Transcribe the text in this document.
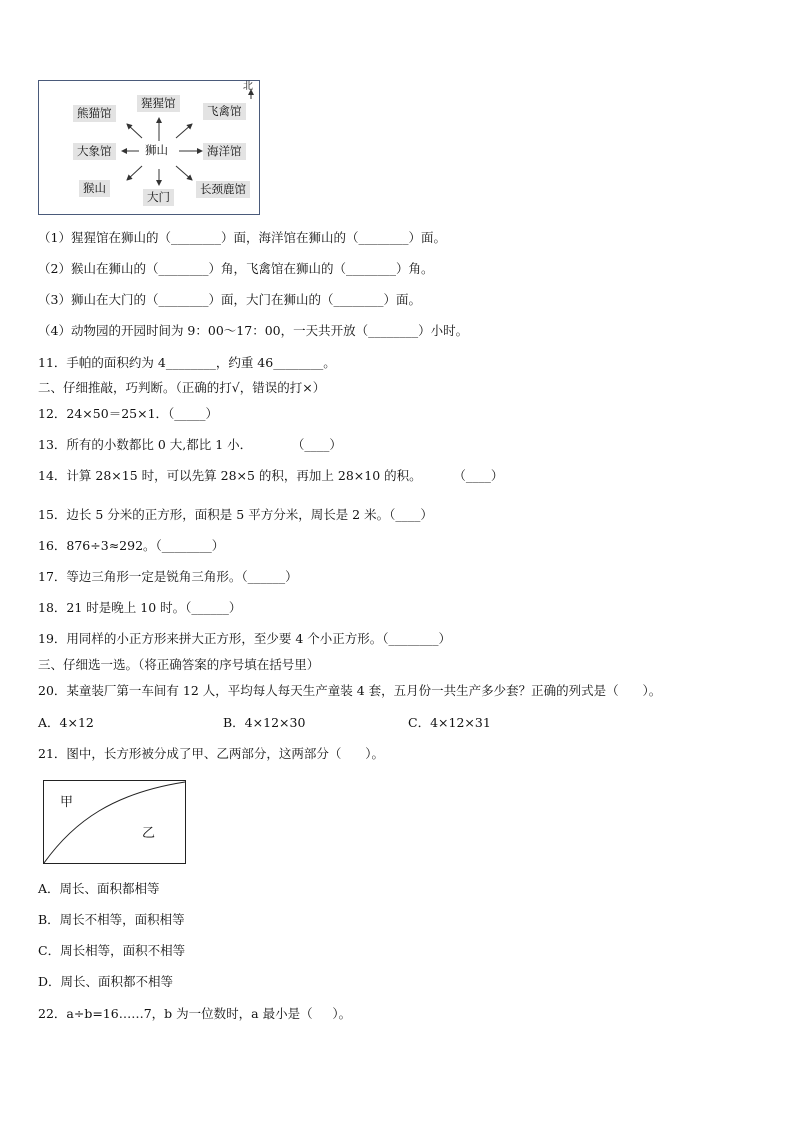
北
熊猫馆
猩猩馆
飞禽馆
大象馆	狮山	海洋馆
猴山
大门
长颈鹿馆
（1）猩猩馆在狮山的（________）面，海洋馆在狮山的（________）面。
（2）猴山在狮山的（________）角，飞禽馆在狮山的（________）角。
（3）狮山在大门的（________）面，大门在狮山的（________）面。
（4）动物园的开园时间为 9：00～17：00，一天共开放（________）小时。
11．手帕的面积约为 4________，约重 46________。
二、仔细推敲，巧判断。（正确的打√，错误的打×）
12．24×50＝25×1．（_____）
13．所有的小数都比 0 大,都比 1 小．          （____）
14．计算 28×15 时，可以先算 28×5 的积，再加上 28×10 的积。        （____）
15．边长 5 分米的正方形，面积是 5 平方分米，周长是 2 米。（____）
16．876÷3≈292。（________）
17．等边三角形一定是锐角三角形。（______）
18．21 时是晚上 10 时。（______）
19．用同样的小正方形来拼大正方形，至少要 4 个小正方形。（________）
三、仔细选一选。（将正确答案的序号填在括号里）
20．某童装厂第一车间有 12 人，平均每人每天生产童装 4 套，五月份一共生产多少套？正确的列式是（      ）。
A．4×12	B．4×12×30	C．4×12×31
21．图中，长方形被分成了甲、乙两部分，这两部分（      ）。
甲
乙
A．周长、面积都相等
B．周长不相等，面积相等
C．周长相等，面积不相等
D．周长、面积都不相等
22．a÷b=16……7，b 为一位数时，a 最小是（     ）。
